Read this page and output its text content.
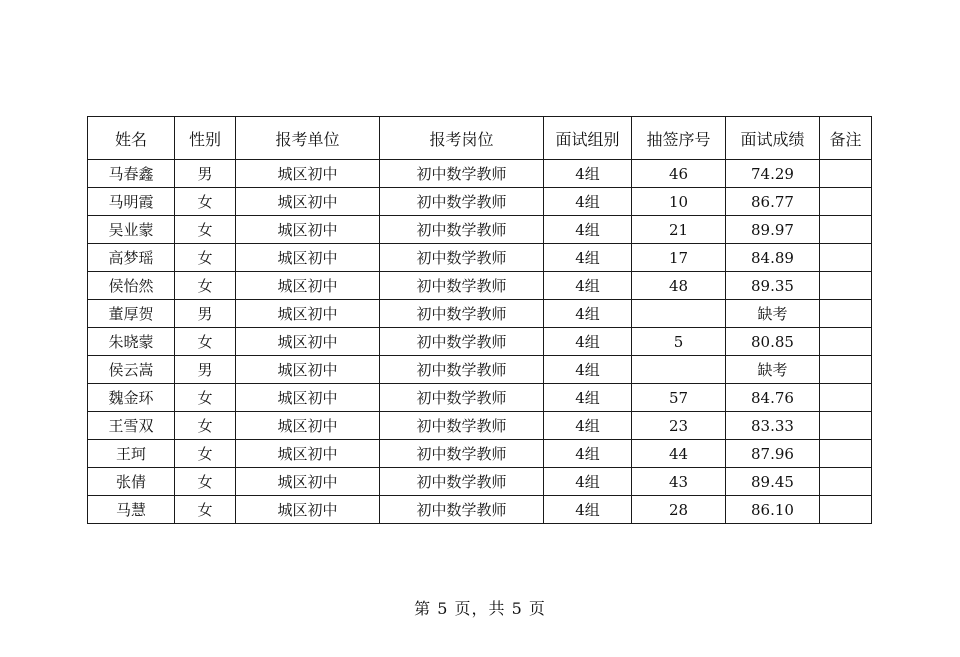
姓名	性别	报考单位	报考岗位	面试组别	抽签序号	面试成绩	备注
马春鑫	男	城区初中	初中数学教师	4组	46	74.29	
马明霞	女	城区初中	初中数学教师	4组	10	86.77	
吴业蒙	女	城区初中	初中数学教师	4组	21	89.97	
高梦瑶	女	城区初中	初中数学教师	4组	17	84.89	
侯怡然	女	城区初中	初中数学教师	4组	48	89.35	
董厚贺	男	城区初中	初中数学教师	4组		缺考	
朱晓蒙	女	城区初中	初中数学教师	4组	5	80.85	
侯云嵩	男	城区初中	初中数学教师	4组		缺考	
魏金环	女	城区初中	初中数学教师	4组	57	84.76	
王雪双	女	城区初中	初中数学教师	4组	23	83.33	
王珂	女	城区初中	初中数学教师	4组	44	87.96	
张倩	女	城区初中	初中数学教师	4组	43	89.45	
马慧	女	城区初中	初中数学教师	4组	28	86.10	
第 5 页，共 5 页
